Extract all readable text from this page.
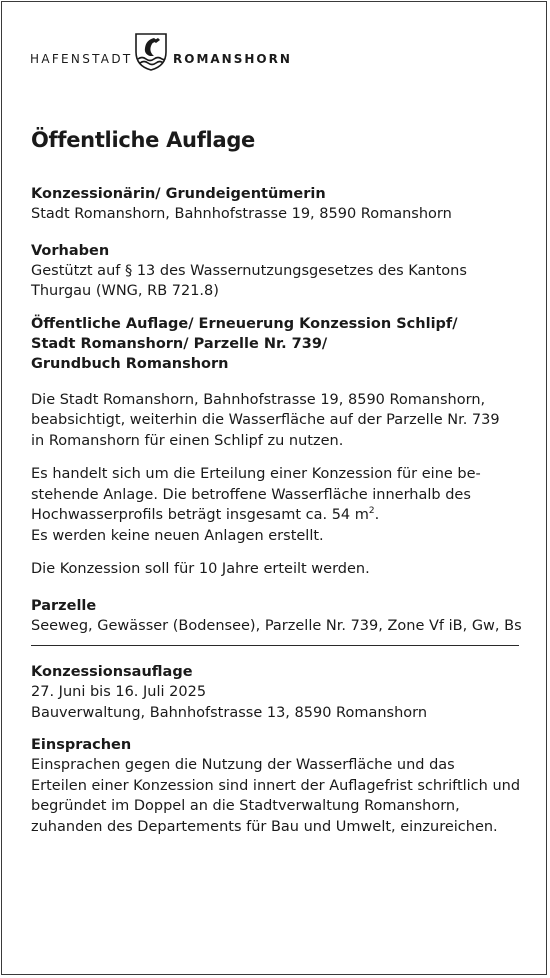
HAFENSTADT	ROMANSHORN
Öffentliche Auflage

Konzessionärin/ Grundeigentümerin

Stadt Romanshorn, Bahnhofstrasse 19, 8590 Romanshorn

Vorhaben

Gestützt auf § 13 des Wassernutzungsgesetzes des Kantons

Thurgau (WNG, RB 721.8)

Öffentliche Auflage/ Erneuerung Konzession Schlipf/

Stadt Romanshorn/ Parzelle Nr. 739/

Grundbuch Romanshorn

Die Stadt Romanshorn, Bahnhofstrasse 19, 8590 Romanshorn,

beabsichtigt, weiterhin die Wasserfläche auf der Parzelle Nr. 739

in Romanshorn für einen Schlipf zu nutzen.

Es handelt sich um die Erteilung einer Konzession für eine be-

stehende Anlage. Die betroffene Wasserfläche innerhalb des

Hochwasserprofils beträgt insgesamt ca. 54 $m^2$.

Es werden keine neuen Anlagen erstellt.

Die Konzession soll für 10 Jahre erteilt werden.

Parzelle

Seeweg, Gewässer (Bodensee), Parzelle Nr. 739, Zone Vf iB, Gw, Bs

Konzessionsauflage

27. Juni bis 16. Juli 2025

Bauverwaltung, Bahnhofstrasse 13, 8590 Romanshorn

Einsprachen

Einsprachen gegen die Nutzung der Wasserfläche und das

Erteilen einer Konzession sind innert der Auflagefrist schriftlich und

begründet im Doppel an die Stadtverwaltung Romanshorn,

zuhanden des Departements für Bau und Umwelt, einzureichen.
